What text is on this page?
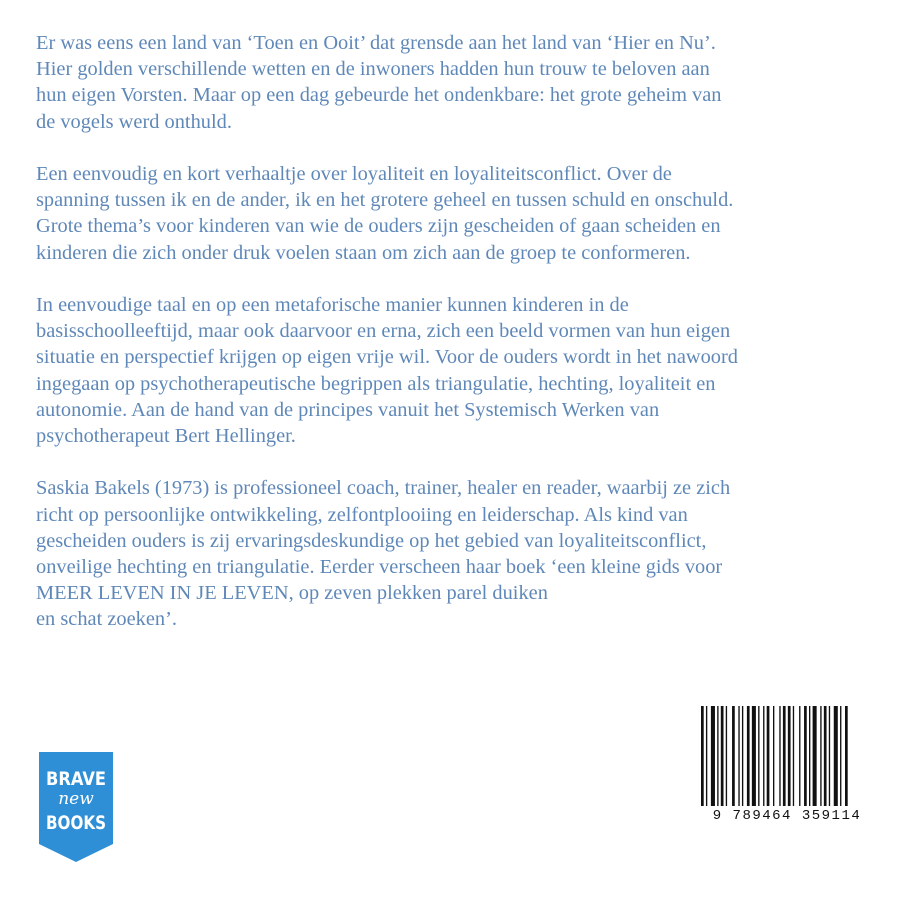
Er was eens een land van ‘Toen en Ooit’ dat grensde aan het land van ‘Hier en Nu’.
Hier golden verschillende wetten en de inwoners hadden hun trouw te beloven aan
hun eigen Vorsten. Maar op een dag gebeurde het ondenkbare: het grote geheim van
de vogels werd onthuld.
Een eenvoudig en kort verhaaltje over loyaliteit en loyaliteitsconflict. Over de
spanning tussen ik en de ander, ik en het grotere geheel en tussen schuld en onschuld.
Grote thema’s voor kinderen van wie de ouders zijn gescheiden of gaan scheiden en
kinderen die zich onder druk voelen staan om zich aan de groep te conformeren.
In eenvoudige taal en op een metaforische manier kunnen kinderen in de
basisschoolleeftijd, maar ook daarvoor en erna, zich een beeld vormen van hun eigen
situatie en perspectief krijgen op eigen vrije wil. Voor de ouders wordt in het nawoord
ingegaan op psychotherapeutische begrippen als triangulatie, hechting, loyaliteit en
autonomie. Aan de hand van de principes vanuit het Systemisch Werken van
psychotherapeut Bert Hellinger.
Saskia Bakels (1973) is professioneel coach, trainer, healer en reader, waarbij ze zich
richt op persoonlijke ontwikkeling, zelfontplooiing en leiderschap. Als kind van
gescheiden ouders is zij ervaringsdeskundige op het gebied van loyaliteitsconflict,
onveilige hechting en triangulatie. Eerder verscheen haar boek ‘een kleine gids voor
MEER LEVEN IN JE LEVEN, op zeven plekken parel duiken
en schat zoeken’.
BRAVE
new
BOOKS	9 789464 359114
